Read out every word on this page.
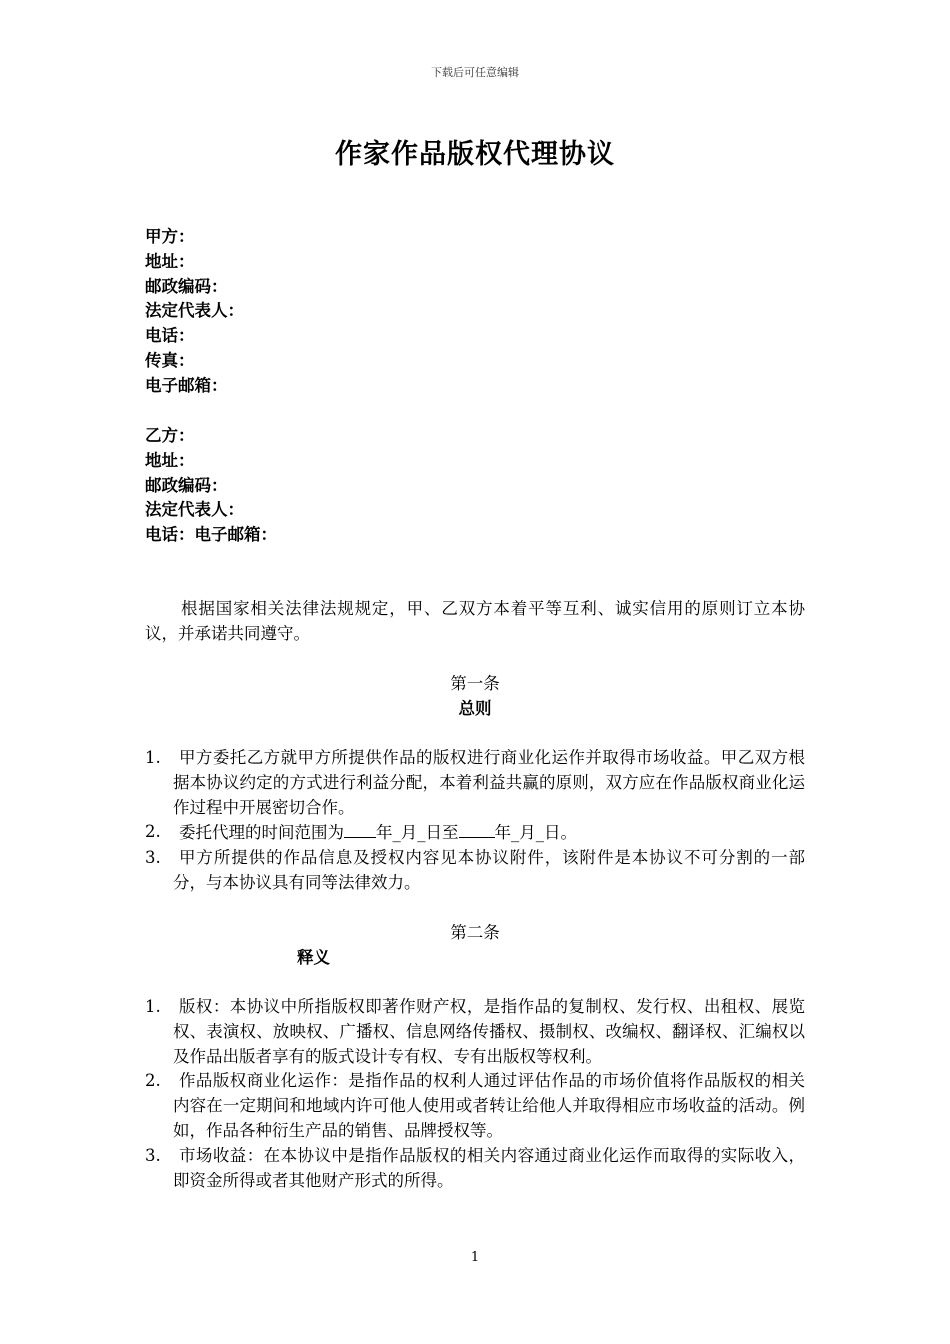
下载后可任意编辑
作家作品版权代理协议
甲方：
地址：
邮政编码：
法定代表人：
电话：
传真：
电子邮箱：
乙方：
地址：
邮政编码：
法定代表人：
电话：电子邮箱：
根据国家相关法律法规规定，甲、乙双方本着平等互利、诚实信用的原则订立本协议，并承诺共同遵守。
第一条
总则
1.	甲方委托乙方就甲方所提供作品的版权进行商业化运作并取得市场收益。甲乙双方根据本协议约定的方式进行利益分配，本着利益共赢的原则，双方应在作品版权商业化运作过程中开展密切合作。
2.	委托代理的时间范围为 年_月_日至 年_月_日。
3.	甲方所提供的作品信息及授权内容见本协议附件，该附件是本协议不可分割的一部分，与本协议具有同等法律效力。
第二条
释义
1.	版权：本协议中所指版权即著作财产权，是指作品的复制权、发行权、出租权、展览权、表演权、放映权、广播权、信息网络传播权、摄制权、改编权、翻译权、汇编权以及作品出版者享有的版式设计专有权、专有出版权等权利。
2.	作品版权商业化运作：是指作品的权利人通过评估作品的市场价值将作品版权的相关内容在一定期间和地域内许可他人使用或者转让给他人并取得相应市场收益的活动。例如，作品各种衍生产品的销售、品牌授权等。
3.	市场收益：在本协议中是指作品版权的相关内容通过商业化运作而取得的实际收入，即资金所得或者其他财产形式的所得。
1
